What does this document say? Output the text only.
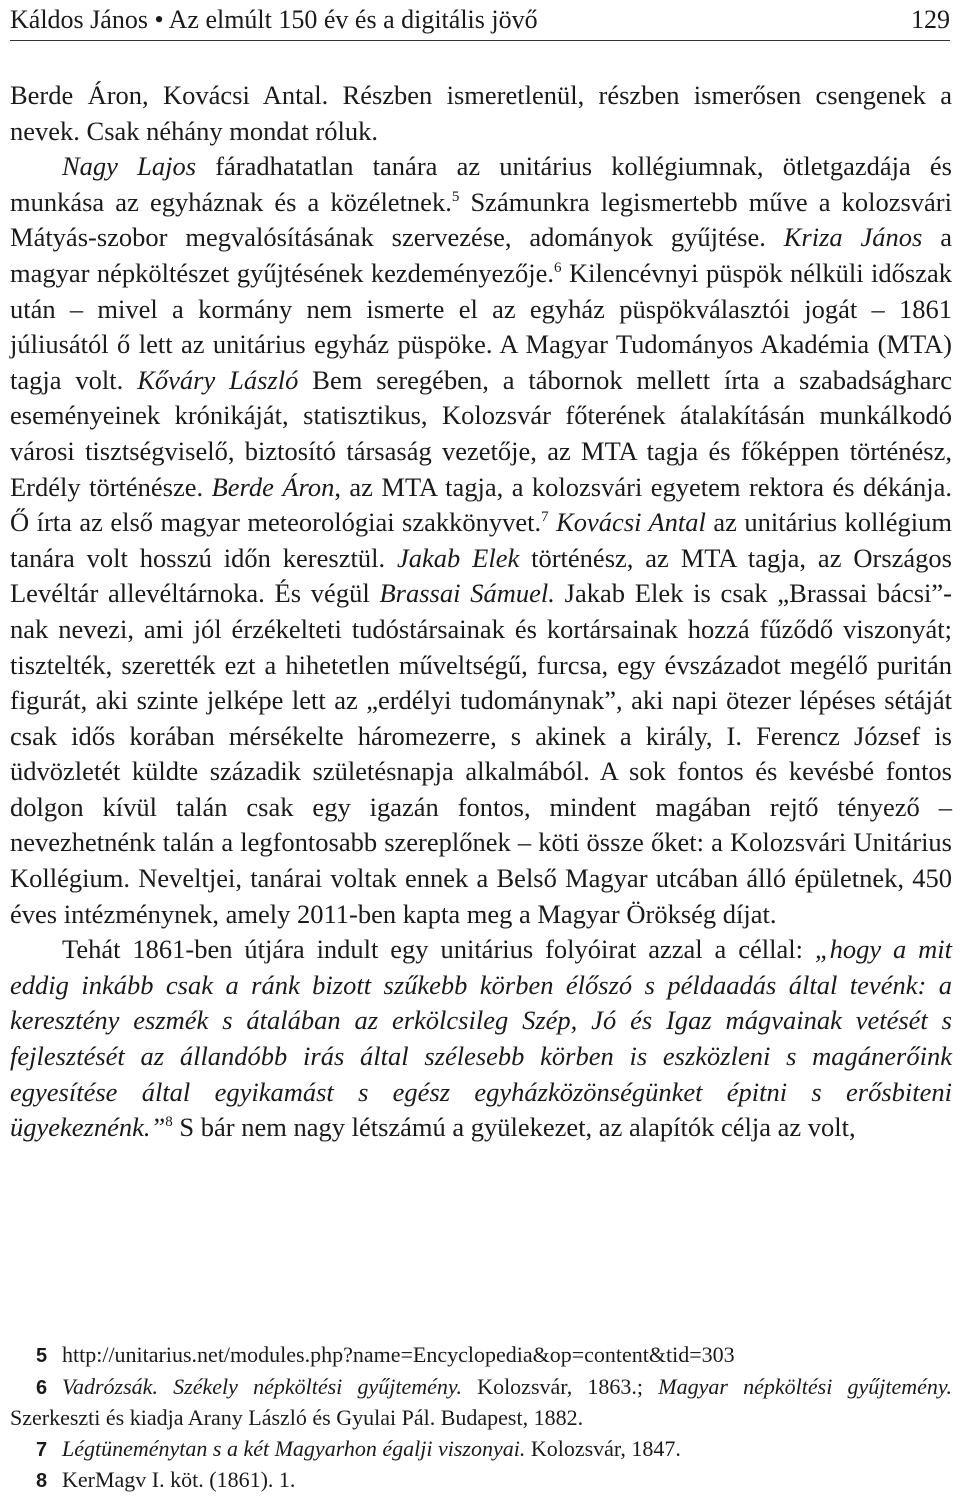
Káldos János • Az elmúlt 150 év és a digitális jövő	129

Berde Áron, Kovácsi Antal. Részben ismeretlenül, részben ismerősen csengenek a nevek. Csak néhány mondat róluk.
Nagy Lajos fáradhatatlan tanára az unitárius kollégiumnak, ötletgazdája és munkása az egyháznak és a közéletnek.$^5$ Számunkra legismertebb műve a kolozsvári Mátyás-szobor megvalósításának szervezése, adományok gyűjtése. Kriza János a magyar népköltészet gyűjtésének kezdeményezője.$^6$ Kilencévnyi püspök nélküli időszak után – mivel a kormány nem ismerte el az egyház püspökválasztói jogát – 1861 júliusától ő lett az unitárius egyház püspöke. A Magyar Tudományos Akadémia (MTA) tagja volt. Kőváry László Bem seregében, a tábornok mellett írta a szabadságharc eseményeinek krónikáját, statisztikus, Kolozsvár főterének átalakításán munkálkodó városi tisztségviselő, biztosító társaság vezetője, az MTA tagja és főképpen történész, Erdély történésze. Berde Áron, az MTA tagja, a kolozsvári egyetem rektora és dékánja. Ő írta az első magyar meteorológiai szakkönyvet.$^7$ Kovácsi Antal az unitárius kollégium tanára volt hosszú időn keresztül. Jakab Elek történész, az MTA tagja, az Országos Levéltár allevéltárnoka. És végül Brassai Sámuel. Jakab Elek is csak „Brassai bácsi”-nak nevezi, ami jól érzékelteti tudóstársainak és kortársainak hozzá fűződő viszonyát; tisztelték, szerették ezt a hihetetlen műveltségű, furcsa, egy évszázadot megélő puritán figurát, aki szinte jelképe lett az „erdélyi tudománynak”, aki napi ötezer lépéses sétáját csak idős korában mérsékelte háromezerre, s akinek a király, I. Ferencz József is üdvözletét küldte századik születésnapja alkalmából. A sok fontos és kevésbé fontos dolgon kívül talán csak egy igazán fontos, mindent magában rejtő tényező – nevezhetnénk talán a legfontosabb szereplőnek – köti össze őket: a Kolozsvári Unitárius Kollégium. Neveltjei, tanárai voltak ennek a Belső Magyar utcában álló épületnek, 450 éves intézménynek, amely 2011-ben kapta meg a Magyar Örökség díjat.

Tehát 1861-ben útjára indult egy unitárius folyóirat azzal a céllal: „hogy a mit eddig inkább csak a ránk bizott szűkebb körben élőszó s példaadás által tevénk: a keresztény eszmék s átalában az erkölcsileg Szép, Jó és Igaz mágvainak vetését s fejlesztését az állandóbb irás által szélesebb körben is eszközleni s magánerőink egyesítése által egyikamást s egész egyházközönségünket épitni s erősbiteni ügyekeznénk.”$^8$ S bár nem nagy létszámú a gyülekezet, az alapítók célja az volt,

5 http://unitarius.net/modules.php?name=Encyclopedia&op=content&tid=303

6 Vadrózsák. Székely népköltési gyűjtemény. Kolozsvár, 1863.; Magyar népköltési gyűjtemény. Szerkeszti és kiadja Arany László és Gyulai Pál. Budapest, 1882.

7 Légtüneménytan s a két Magyarhon égalji viszonyai. Kolozsvár, 1847.

8 KerMagv I. köt. (1861). 1.
